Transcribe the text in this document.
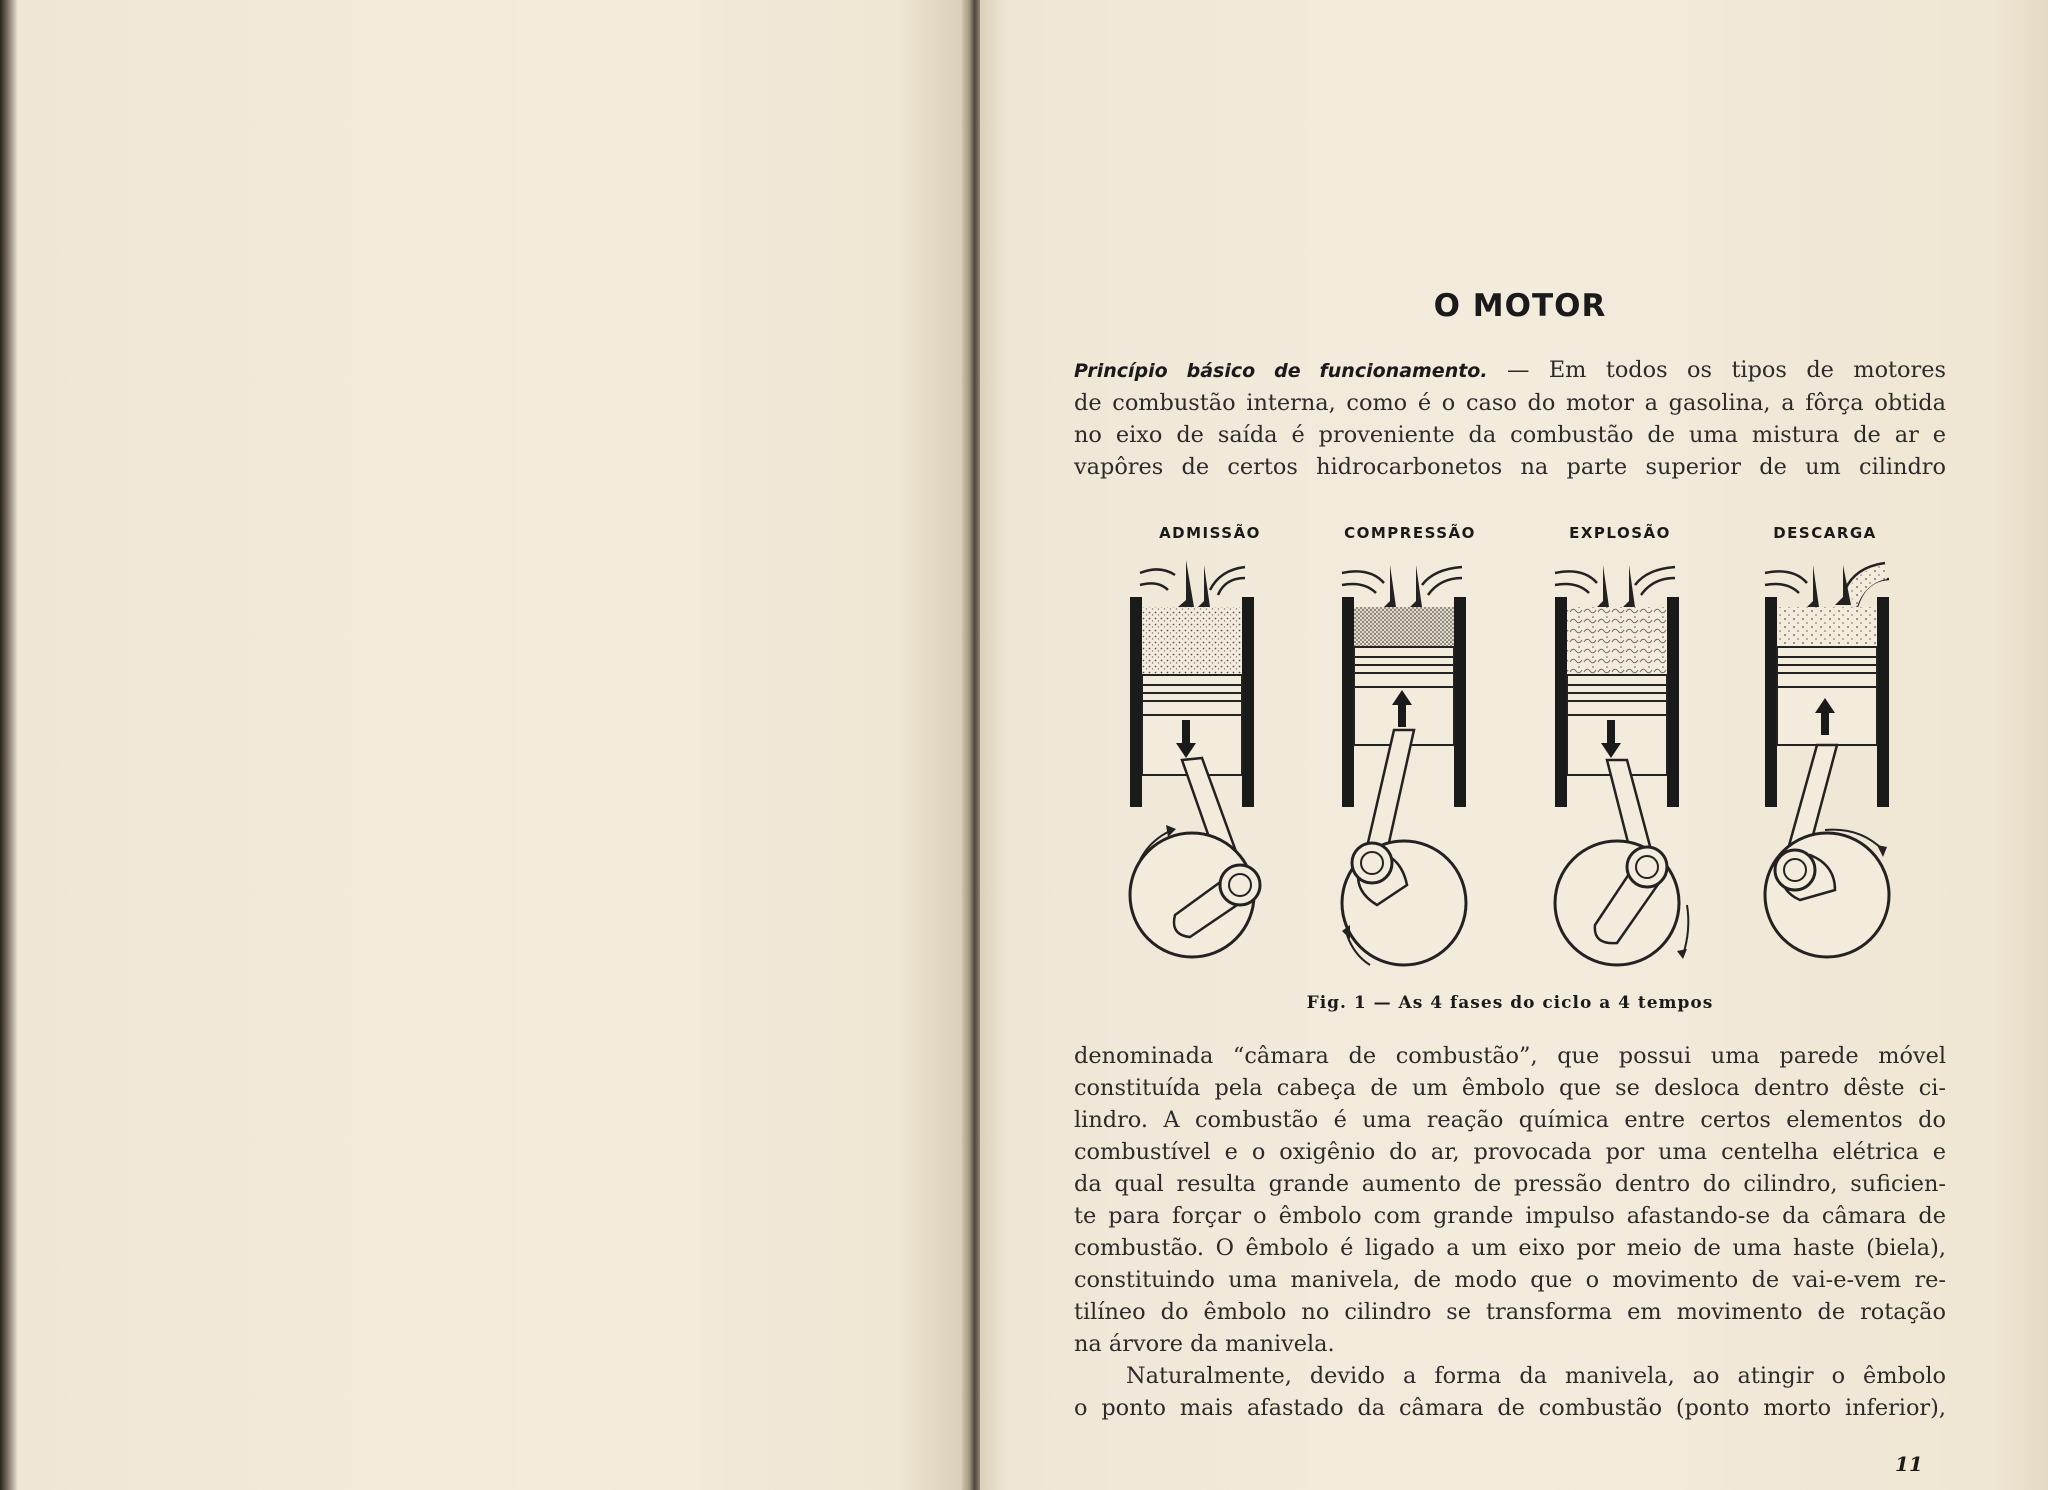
O MOTOR

Princípio básico de funcionamento. — Em todos os tipos de motores

de combustão interna, como é o caso do motor a gasolina, a fôrça obtida

no eixo de saída é proveniente da combustão de uma mistura de ar e

vapôres de certos hidrocarbonetos na parte superior de um cilindro

ADMISSÃO	COMPRESSÃO	EXPLOSÃO	DESCARGA
Fig. 1 — As 4 fases do ciclo a 4 tempos

denominada “câmara de combustão”, que possui uma parede móvel

constituída pela cabeça de um êmbolo que se desloca dentro dêste ci-

lindro. A combustão é uma reação química entre certos elementos do

combustível e o oxigênio do ar, provocada por uma centelha elétrica e

da qual resulta grande aumento de pressão dentro do cilindro, suficien-

te para forçar o êmbolo com grande impulso afastando-se da câmara de

combustão. O êmbolo é ligado a um eixo por meio de uma haste (biela),

constituindo uma manivela, de modo que o movimento de vai-e-vem re-

tilíneo do êmbolo no cilindro se transforma em movimento de rotação

na árvore da manivela.

Naturalmente, devido a forma da manivela, ao atingir o êmbolo

o ponto mais afastado da câmara de combustão (ponto morto inferior),

11
